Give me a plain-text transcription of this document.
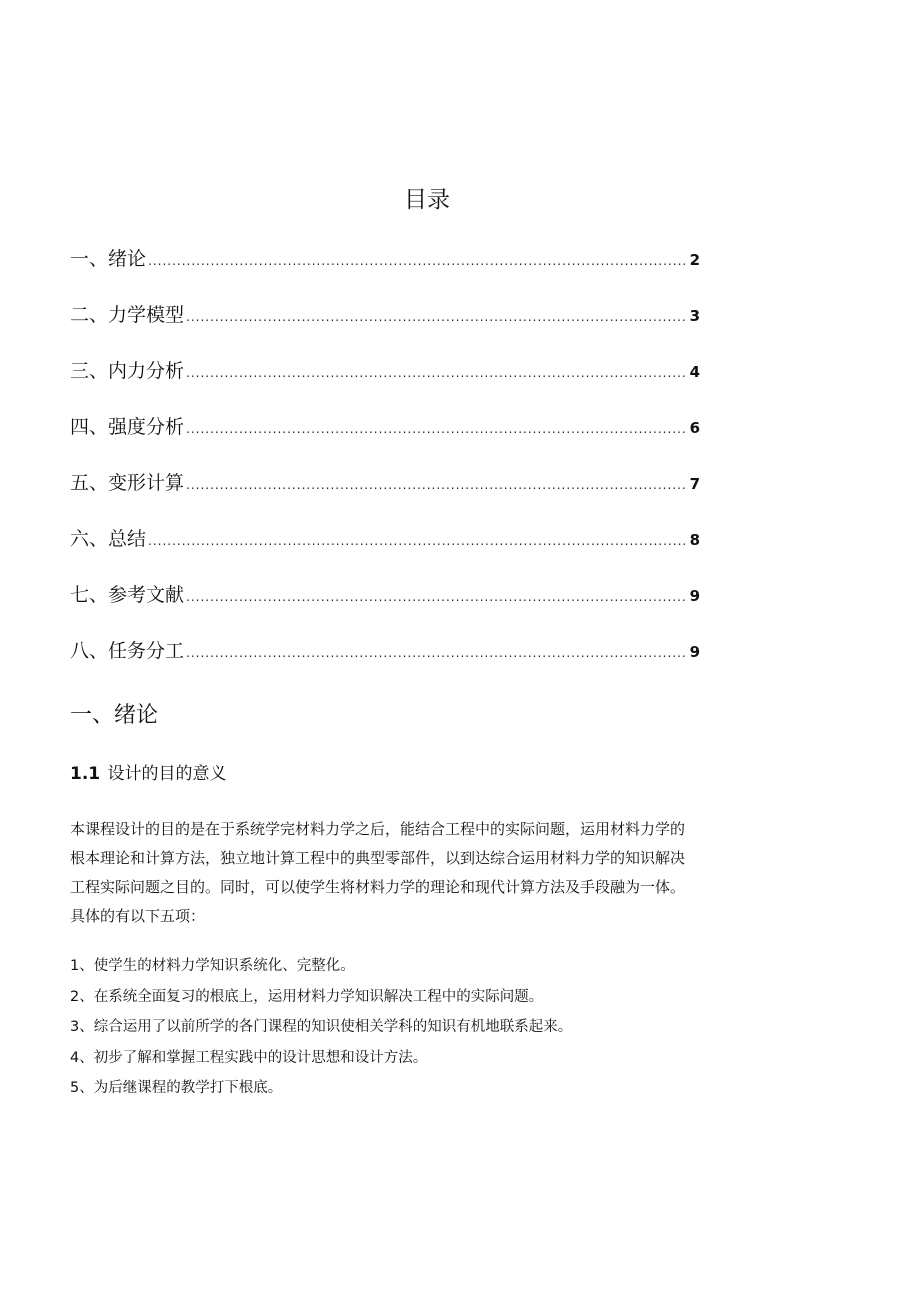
目录
一、绪论 .....	2
二、力学模型 .....	3
三、内力分析 .....	4
四、强度分析 .....	6
五、变形计算 .....	7
六、总结 .....	8
七、参考文献 .....	9
八、任务分工 .....	9
一、绪论
1.1 设计的目的意义

本课程设计的目的是在于系统学完材料力学之后，能结合工程中的实际问题，运用材料力学的
根本理论和计算方法，独立地计算工程中的典型零部件，以到达综合运用材料力学的知识解决
工程实际问题之目的。同时，可以使学生将材料力学的理论和现代计算方法及手段融为一体。
具体的有以下五项：

1、使学生的材料力学知识系统化、完整化。
2、在系统全面复习的根底上，运用材料力学知识解决工程中的实际问题。
3、综合运用了以前所学的各门课程的知识使相关学科的知识有机地联系起来。
4、初步了解和掌握工程实践中的设计思想和设计方法。
5、为后继课程的教学打下根底。
